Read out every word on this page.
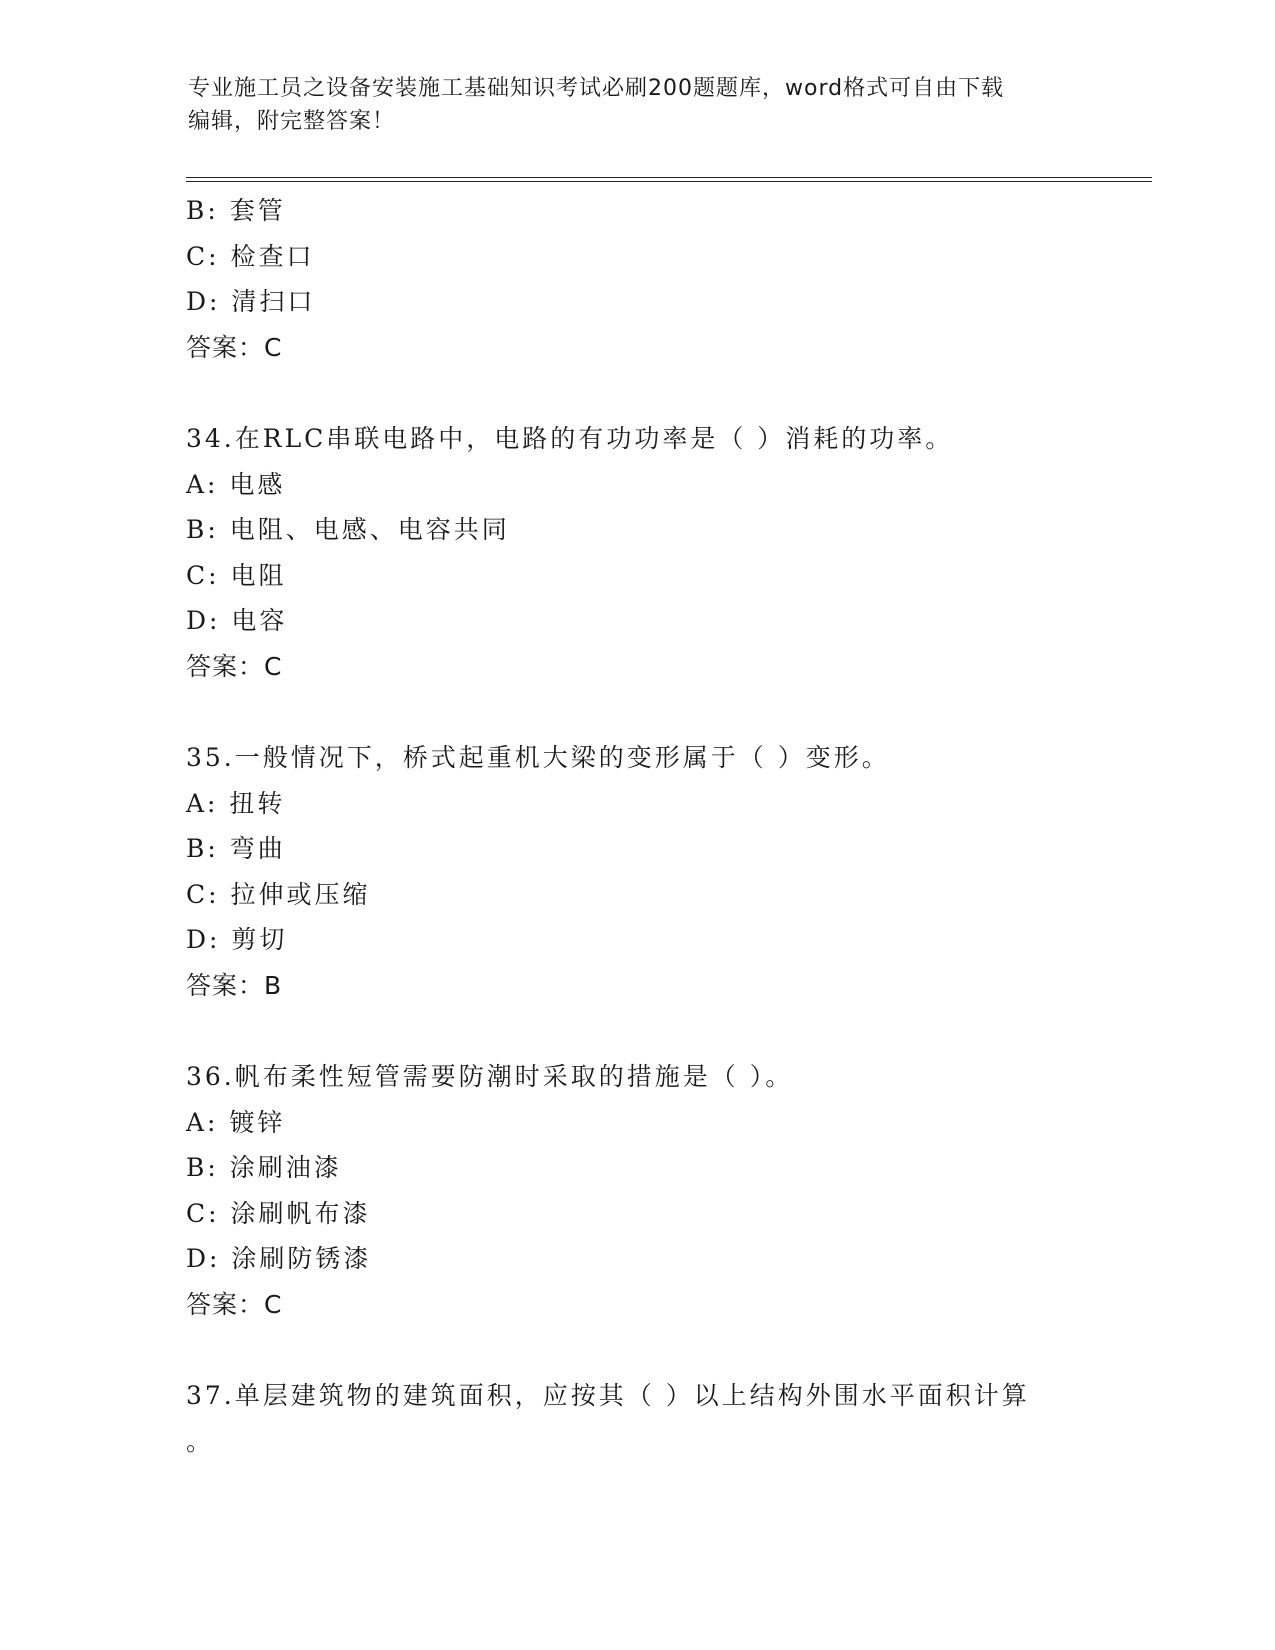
专业施工员之设备安装施工基础知识考试必刷200题题库，word格式可自由下载
编辑，附完整答案！
B: 套管
C: 检查口
D: 清扫口
答案：C
34.在RLC串联电路中，电路的有功功率是（ ）消耗的功率。
A: 电感
B: 电阻、电感、电容共同
C: 电阻
D: 电容
答案：C
35.一般情况下，桥式起重机大梁的变形属于（ ）变形。
A: 扭转
B: 弯曲
C: 拉伸或压缩
D: 剪切
答案：B
36.帆布柔性短管需要防潮时采取的措施是（ ）。
A: 镀锌
B: 涂刷油漆
C: 涂刷帆布漆
D: 涂刷防锈漆
答案：C
37.单层建筑物的建筑面积，应按其（ ）以上结构外围水平面积计算
。
